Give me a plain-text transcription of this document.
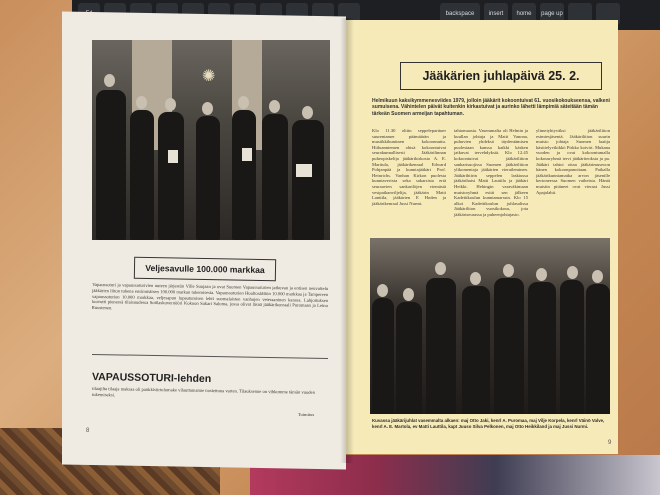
backspace	insert	home	page up
✺	Jääkärien juhlapäivä 25. 2.
Helmikuun kaksikymmenesviides 1979, jolloin jääkärit kokoontuivat 61. vuosikokoukseensa, valkeni sumuisena. Vähintelen päivät kuitenkin kirkastuivat ja aurinko lähetti lämpimiä säteitään tämän tärkeän Suomen armeijan tapahtuman.
Klo 11.30 oltiin seppeleparttuer suurentamer päämäärän ja musiikkikuntinen kokoonnuttu. Hiiluanniemen ohtsä kokoontuivat seurakunnallisesti Jääkärilinnan puheopiskelija jääkärikirkosto A. E. Marttula, jääkärikenraal Edward Pohjanpää ja kunniajääkäri Prof. Heinrichs. Vanhan Kirkon puolesta kunniaverixta seka sakarsista eriä seuraavien sankarilöjen viemästä vesipaikanviljelija, jääkärin Matti Lanttila, jääkärien E Hoden ja jääkärikenraal Jussi Nurmi.
tahtomaasta. Vasemmalta oli Helmin ja kuullan johtaja ja Matti Vanona, puhuvien yhdeksä täydentämisen puolestaan kanssa kaikki käsken jatkuvat tervehdyksiä. Klo 12.45 kokoontuivat jääkäriliiton sankarisuojissa Suomen jääkäriliiton ylikomentaja jääkärien vieraileminen. Jääkärihiirin seppelen laskiussa jääkärihatsi Matti Lauttila ja jääkäri Heikki. Hehingin varaväkimaan muistoryhmä esitti sen jälkeen Kadettikoulun kunniamarssin. Klo 15 alkoi Kadettikoulun juhlasalissa Jääkäriliton vuosikokous, jota jääkäriseurassa ja puheenjohtajasto.
ylimeiyhtyväksi jääkäriliiton esimiesjäsentä. Jääkäriliiton suurin muisto johtaja Suomen laatija käsittelyvikikkö Pirkko koiviri. Mukana vuoden ja ovat kokoontumalla kokousryhmä tervi jääkäriteoksia ja pa. Jääkäri tahtoi ottaa jääkärimuseoon hänen kokoonpanoitaan. Paikalla jääkärikunniamatka arvon jäsenille kertoneessa Suomen vaiheista. Häntä muistin pitäneet ovat vieraat Jussi Apajalahti.
Kuvassa jääkärijuhlat vasemmalta alkaen: maj Otto Jaki, kenrl A. Puromaa, maj Vilje Korpela, kenrl Väinö Valve, kenrl A. E. Martola, ev Matti Lauttila, kapt Juuso Silva Pelkonen, maj Otto Heikkiland ja maj Jussi Nurmi.
9
Veljesavulle 100.000 markkaa
Vapaussoturi ja vapaussoturivien uuteen järjestön Ville Suojaan ja ovat Suomen Vapaussoturien jatkuvan ja entisen neuvottelu jääkärien liiton tukena ensimmäisen 100.000 markan tukemisesta. Vapaussoturien Huoltosäätiön 10.000 markkaa ja Tampereen vapaussoturien 10.000 markkaa, veljesapun lupautumisen lehti suomalaisten vanhojen veteraaninen kanssa. Lahjoituksen luovutti pienessä tilaisuudessa Sotilaskuvernööri Kokoon Sakari Saloma, jossa olivat läsnä jääkärikenraali Puromaan ja Leino Ruostenen.
VAPAUSSOTURI-lehden
tilaajilta tilaaja maksaa oli pankkisiirtolomake vilauttamanne nostettuna varten. Tilauksenne on vihkomme tämän vuoden tukemiseksi.
Toimitus
8
